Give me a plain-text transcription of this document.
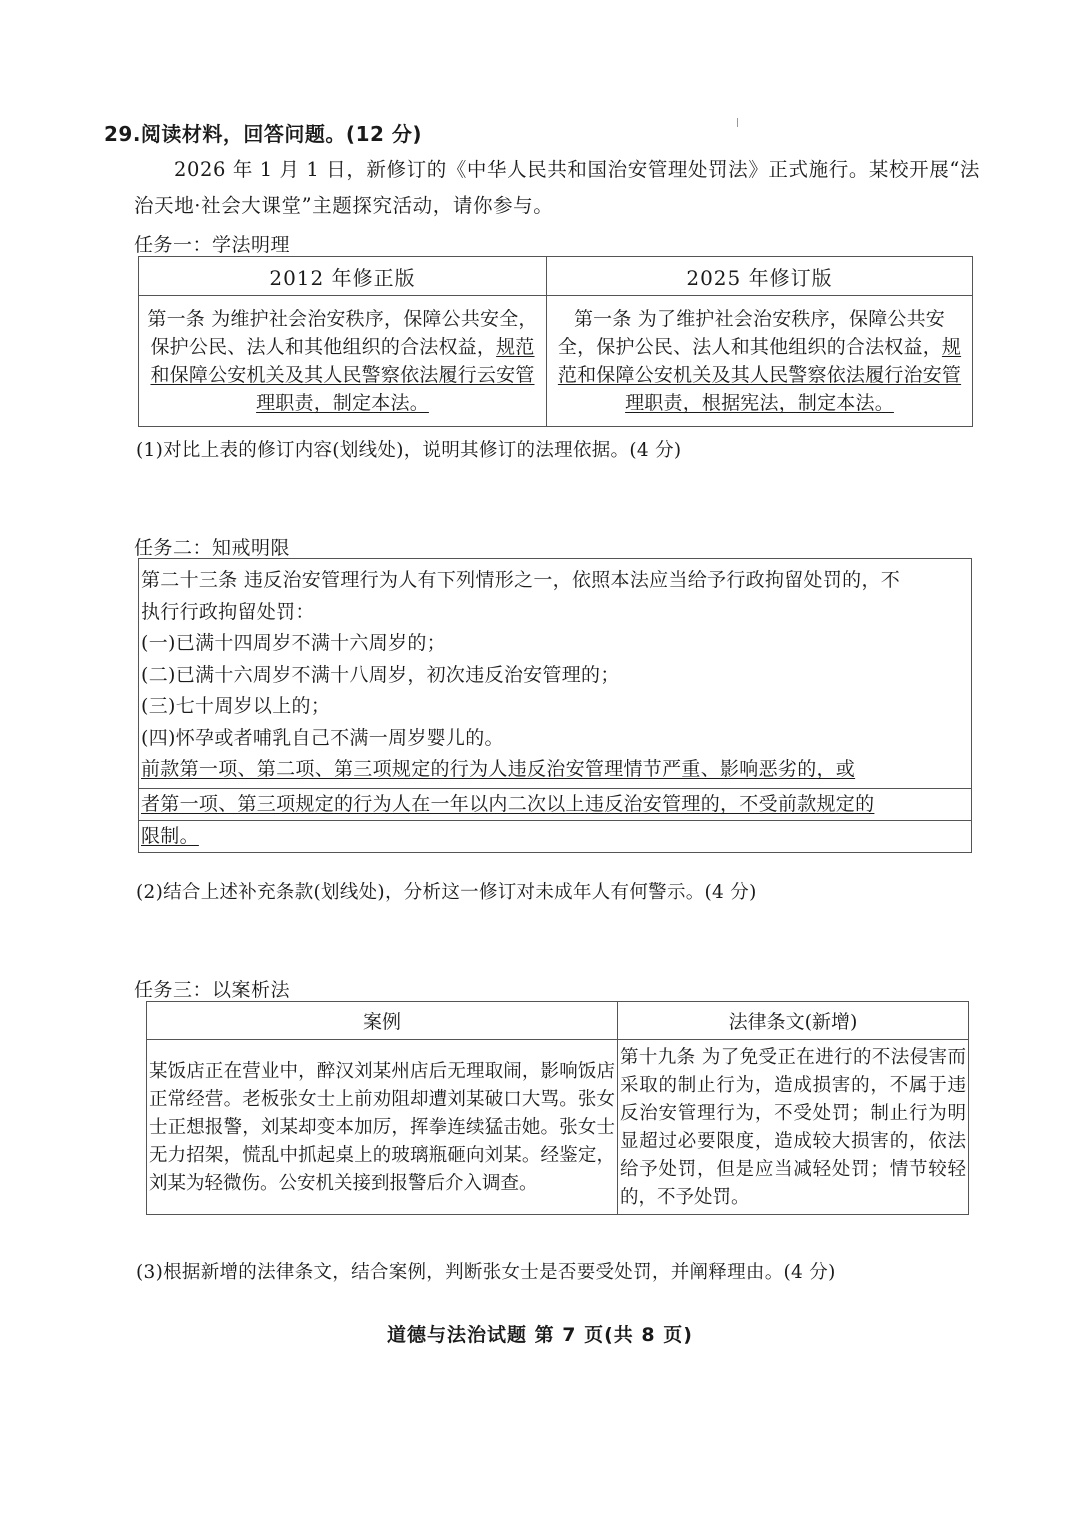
29.阅读材料，回答问题。(12 分)
2026 年 1 月 1 日，新修订的《中华人民共和国治安管理处罚法》正式施行。某校开展“法治天地·社会大课堂”主题探究活动，请你参与。
任务一：学法明理
2012 年修正版	2025 年修订版
第一条 为维护社会治安秩序，保障公共安全，保护公民、法人和其他组织的合法权益，规范和保障公安机关及其人民警察依法履行云安管理职责，制定本法。	第一条 为了维护社会治安秩序，保障公共安全，保护公民、法人和其他组织的合法权益，规范和保障公安机关及其人民警察依法履行治安管理职责，根据宪法，制定本法。
(1)对比上表的修订内容(划线处)，说明其修订的法理依据。(4 分)
任务二：知戒明限
第二十三条 违反治安管理行为人有下列情形之一，依照本法应当给予行政拘留处罚的，不
执行行政拘留处罚：
(一)已满十四周岁不满十六周岁的；
(二)已满十六周岁不满十八周岁，初次违反治安管理的；
(三)七十周岁以上的；
(四)怀孕或者哺乳自己不满一周岁婴儿的。
前款第一项、第二项、第三项规定的行为人违反治安管理情节严重、影响恶劣的，或

者第一项、第三项规定的行为人在一年以内二次以上违反治安管理的，不受前款规定的
限制。
(2)结合上述补充条款(划线处)，分析这一修订对未成年人有何警示。(4 分)
任务三：以案析法
案例	法律条文(新增)
某饭店正在营业中，醉汉刘某州店后无理取闹，影响饭店正常经营。老板张女士上前劝阻却遭刘某破口大骂。张女士正想报警，刘某却变本加厉，挥拳连续猛击她。张女士无力招架，慌乱中抓起桌上的玻璃瓶砸向刘某。经鉴定，刘某为轻微伤。公安机关接到报警后介入调查。	第十九条 为了免受正在进行的不法侵害而采取的制止行为，造成损害的，不属于违反治安管理行为，不受处罚；制止行为明显超过必要限度，造成较大损害的，依法给予处罚，但是应当减轻处罚；情节较轻的，不予处罚。
(3)根据新增的法律条文，结合案例，判断张女士是否要受处罚，并阐释理由。(4 分)
道德与法治试题 第 7 页(共 8 页)
